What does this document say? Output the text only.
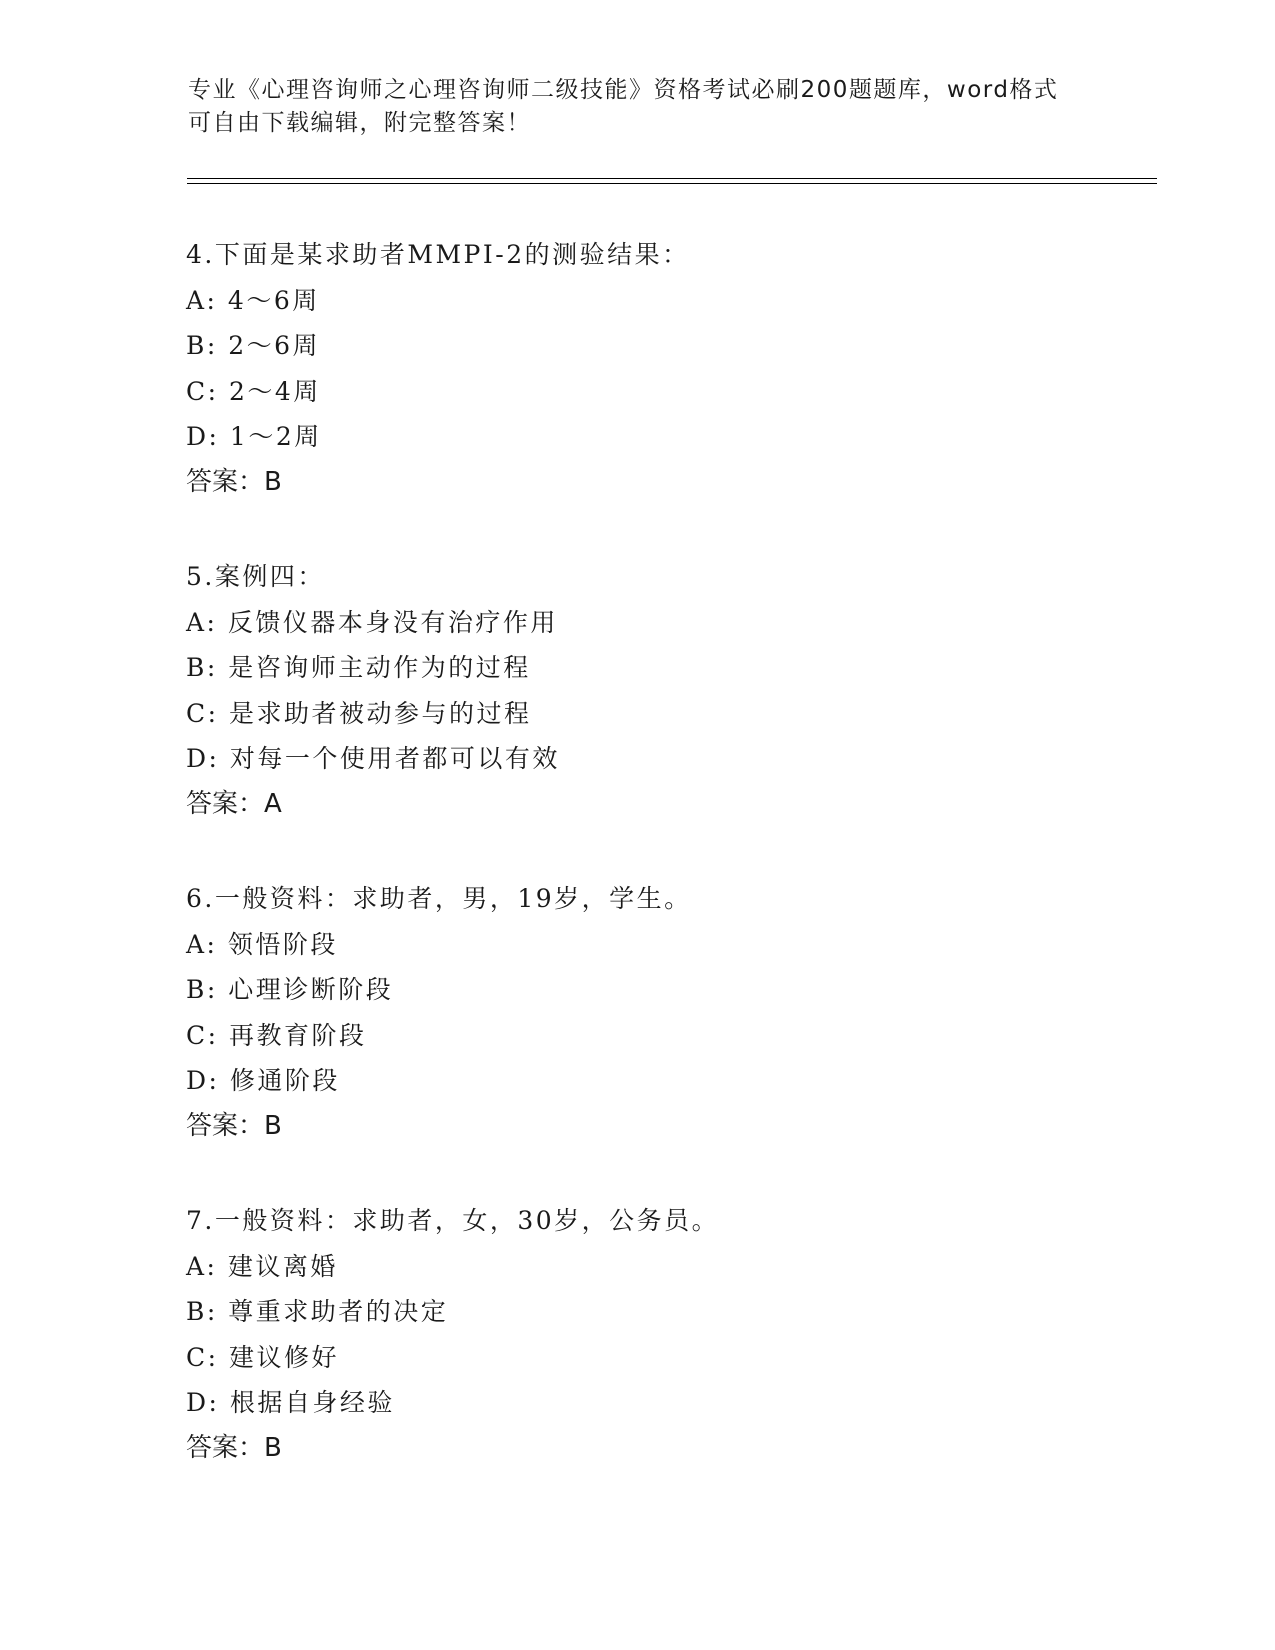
专业《心理咨询师之心理咨询师二级技能》资格考试必刷200题题库，word格式
可自由下载编辑，附完整答案！
4.下面是某求助者MMPI-2的测验结果：
A: 4～6周
B: 2～6周
C: 2～4周
D: 1～2周
答案：B
5.案例四：
A: 反馈仪器本身没有治疗作用
B: 是咨询师主动作为的过程
C: 是求助者被动参与的过程
D: 对每一个使用者都可以有效
答案：A
6.一般资料：求助者，男，19岁，学生。
A: 领悟阶段
B: 心理诊断阶段
C: 再教育阶段
D: 修通阶段
答案：B
7.一般资料：求助者，女，30岁，公务员。
A: 建议离婚
B: 尊重求助者的决定
C: 建议修好
D: 根据自身经验
答案：B
